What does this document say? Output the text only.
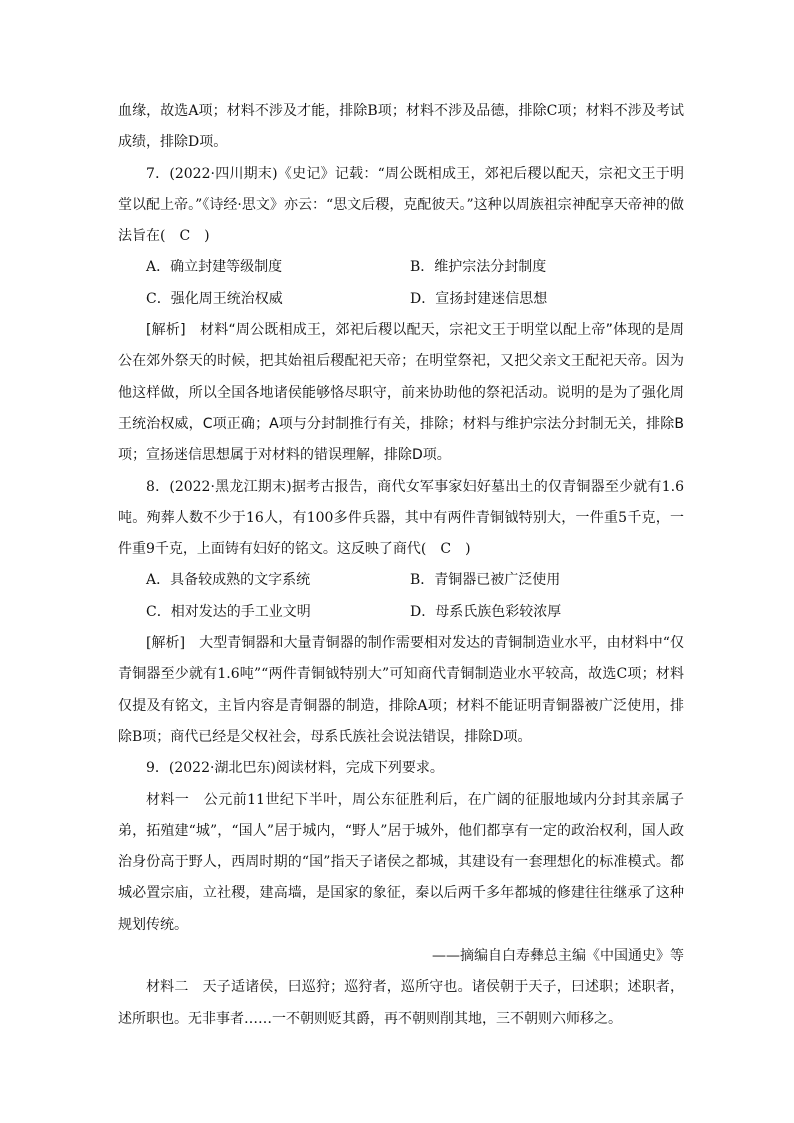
血缘，故选A项；材料不涉及才能，排除B项；材料不涉及品德，排除C项；材料不涉及考试成绩，排除D项。

7．(2022·四川期末)《史记》记载：“周公既相成王，郊祀后稷以配天，宗祀文王于明堂以配上帝。”《诗经·思文》亦云：“思文后稷，克配彼天。”这种以周族祖宗神配享天帝神的做法旨在(　C　)

A．确立封建等级制度	B．维护宗法分封制度
C．强化周王统治权威	D．宣扬封建迷信思想

[解析]　材料“周公既相成王，郊祀后稷以配天，宗祀文王于明堂以配上帝”体现的是周公在郊外祭天的时候，把其始祖后稷配祀天帝；在明堂祭祀，又把父亲文王配祀天帝。因为他这样做，所以全国各地诸侯能够恪尽职守，前来协助他的祭祀活动。说明的是为了强化周王统治权威，C项正确；A项与分封制推行有关，排除；材料与维护宗法分封制无关，排除B项；宣扬迷信思想属于对材料的错误理解，排除D项。

8．(2022·黑龙江期末)据考古报告，商代女军事家妇好墓出土的仅青铜器至少就有1.6吨。殉葬人数不少于16人，有100多件兵器，其中有两件青铜钺特别大，一件重5千克，一件重9千克，上面铸有妇好的铭文。这反映了商代(　C　)

A．具备较成熟的文字系统	B．青铜器已被广泛使用
C．相对发达的手工业文明	D．母系氏族色彩较浓厚

[解析]　大型青铜器和大量青铜器的制作需要相对发达的青铜制造业水平，由材料中“仅青铜器至少就有1.6吨”“两件青铜钺特别大”可知商代青铜制造业水平较高，故选C项；材料仅提及有铭文，主旨内容是青铜器的制造，排除A项；材料不能证明青铜器被广泛使用，排除B项；商代已经是父权社会，母系氏族社会说法错误，排除D项。

9．(2022·湖北巴东)阅读材料，完成下列要求。

材料一　公元前11世纪下半叶，周公东征胜利后，在广阔的征服地域内分封其亲属子弟，拓殖建“城”，“国人”居于城内，“野人”居于城外，他们都享有一定的政治权利，国人政治身份高于野人，西周时期的“国”指天子诸侯之都城，其建设有一套理想化的标准模式。都城必置宗庙，立社稷，建高墙，是国家的象征，秦以后两千多年都城的修建往往继承了这种规划传统。

——摘编自白寿彝总主编《中国通史》等

材料二　天子适诸侯，曰巡狩；巡狩者，巡所守也。诸侯朝于天子，曰述职；述职者，述所职也。无非事者……一不朝则贬其爵，再不朝则削其地，三不朝则六师移之。
